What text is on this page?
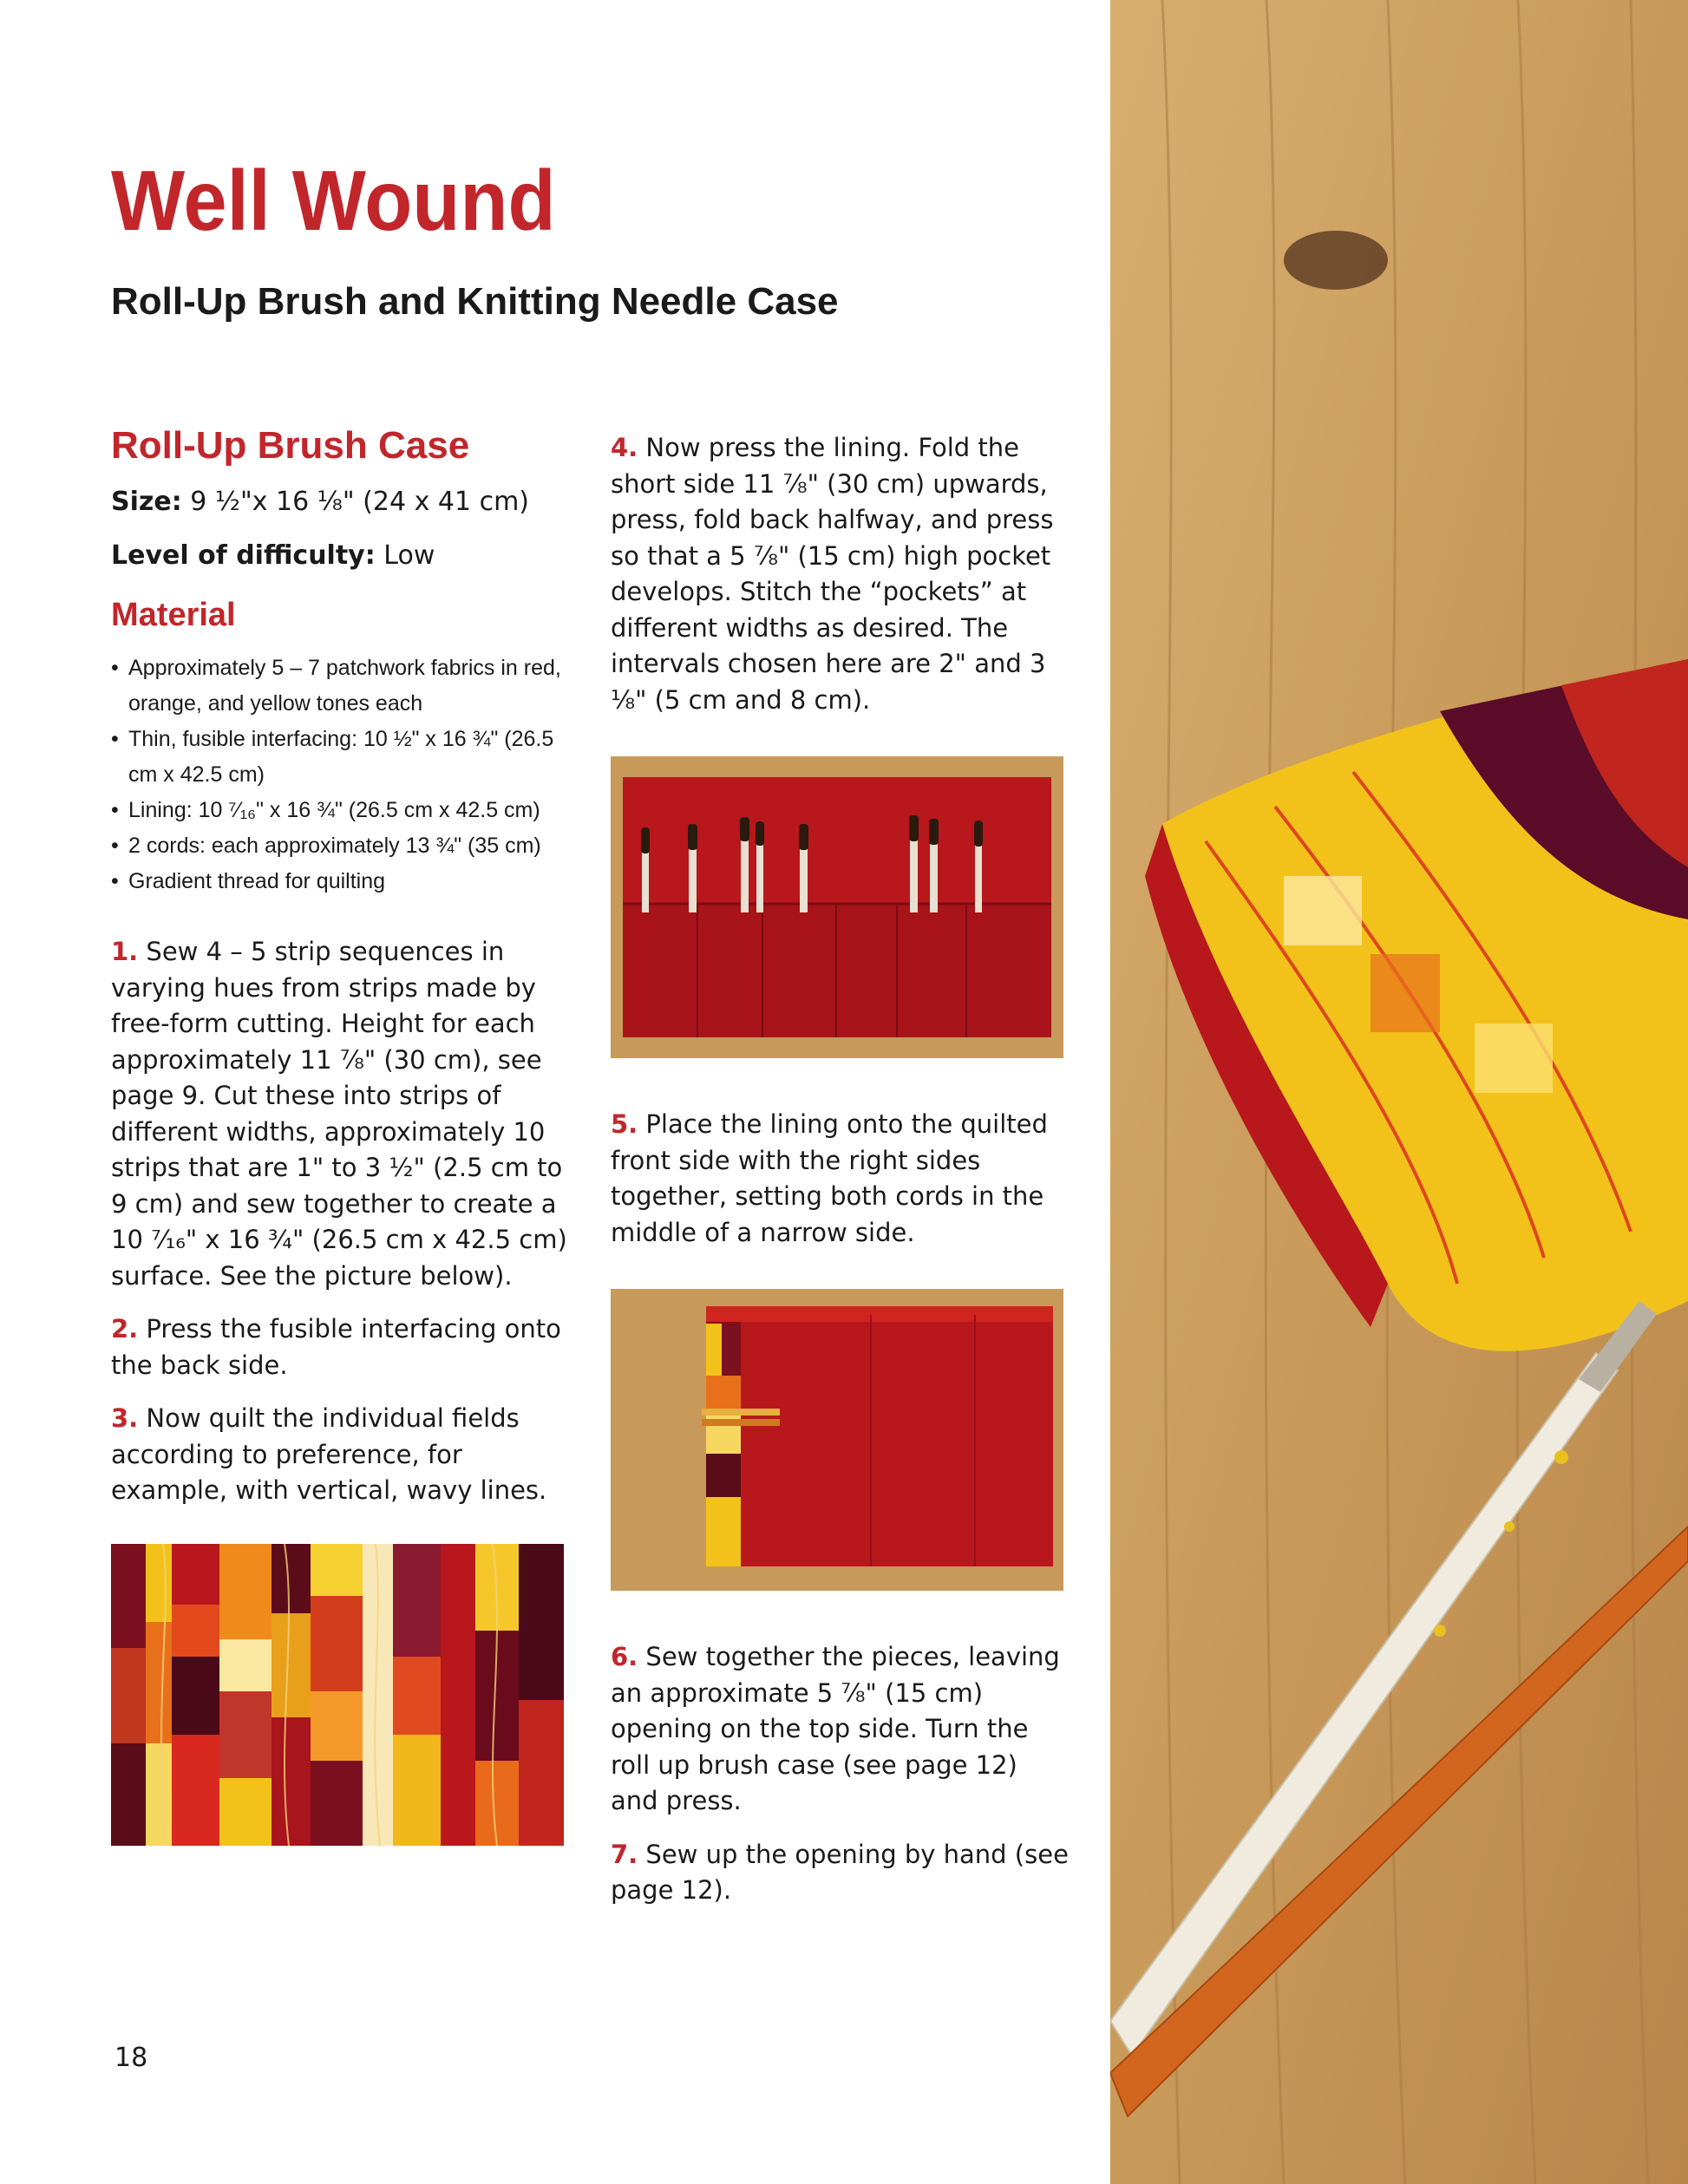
Well Wound
Roll-Up Brush and Knitting Needle Case
Roll-Up Brush Case

Size: 9 ½"x 16 ⅛" (24 x 41 cm)

Level of difficulty: Low

Material
• Approximately 5 – 7 patchwork fabrics in red, orange, and yellow tones each
• Thin, fusible interfacing: 10 ½" x 16 ¾" (26.5 cm x 42.5 cm)
• Lining: 10 ⁷⁄₁₆" x 16 ¾" (26.5 cm x 42.5 cm)
• 2 cords: each approximately 13 ¾" (35 cm)
• Gradient thread for quilting

1. Sew 4 – 5 strip sequences in varying hues from strips made by free-form cutting. Height for each approximately 11 ⅞" (30 cm), see page 9. Cut these into strips of different widths, approximately 10 strips that are 1" to 3 ½" (2.5 cm to 9 cm) and sew together to create a 10 ⁷⁄₁₆" x 16 ¾" (26.5 cm x 42.5 cm) surface. See the picture below).

2. Press the fusible interfacing onto the back side.

3. Now quilt the individual fields according to preference, for example, with vertical, wavy lines.

4. Now press the lining. Fold the short side 11 ⅞" (30 cm) upwards, press, fold back halfway, and press so that a 5 ⅞" (15 cm) high pocket develops. Stitch the “pockets” at different widths as desired. The intervals chosen here are 2" and 3 ⅛" (5 cm and 8 cm).

5. Place the lining onto the quilted front side with the right sides together, setting both cords in the middle of a narrow side.

6. Sew together the pieces, leaving an approximate 5 ⅞" (15 cm) opening on the top side. Turn the roll up brush case (see page 12) and press.

7. Sew up the opening by hand (see page 12).

18
